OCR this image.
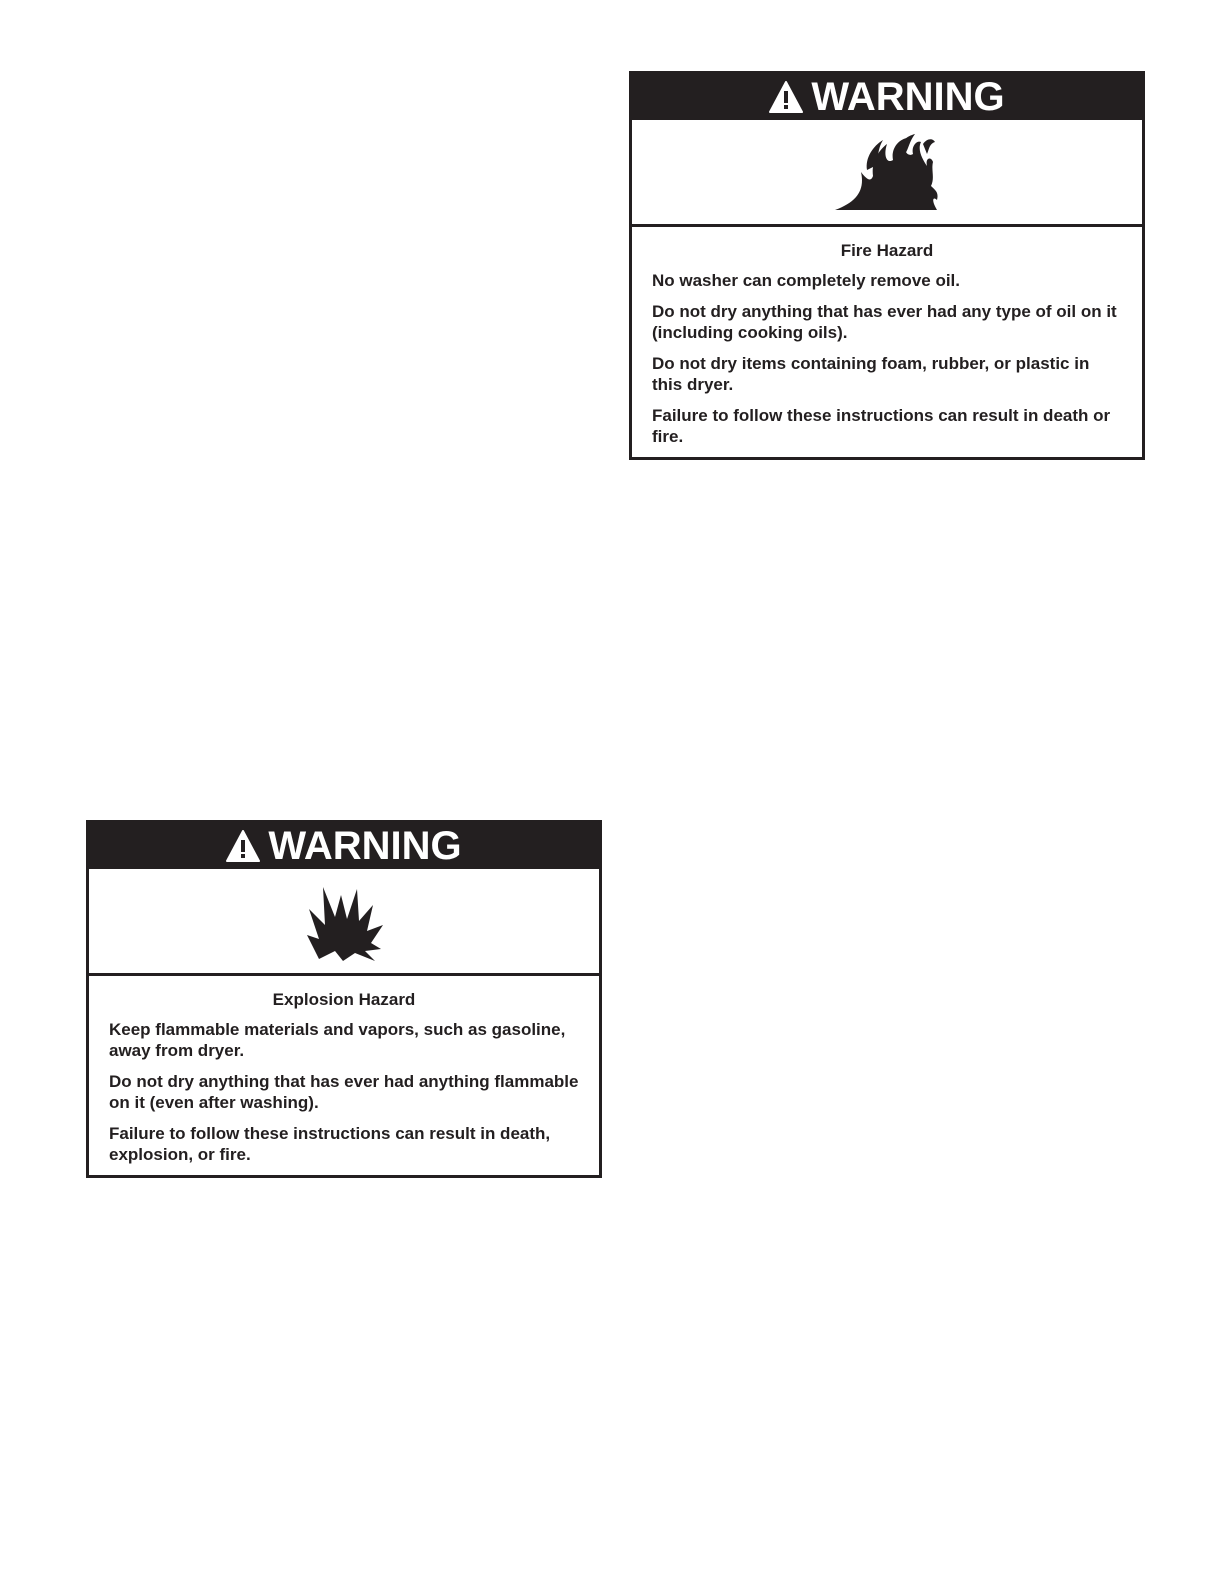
WARNING

Fire Hazard

No washer can completely remove oil.

Do not dry anything that has ever had any type of oil on it (including cooking oils).

Do not dry items containing foam, rubber, or plastic in this dryer.

Failure to follow these instructions can result in death or fire.

WARNING

Explosion Hazard

Keep flammable materials and vapors, such as gasoline, away from dryer.

Do not dry anything that has ever had anything flammable on it (even after washing).

Failure to follow these instructions can result in death, explosion, or fire.
